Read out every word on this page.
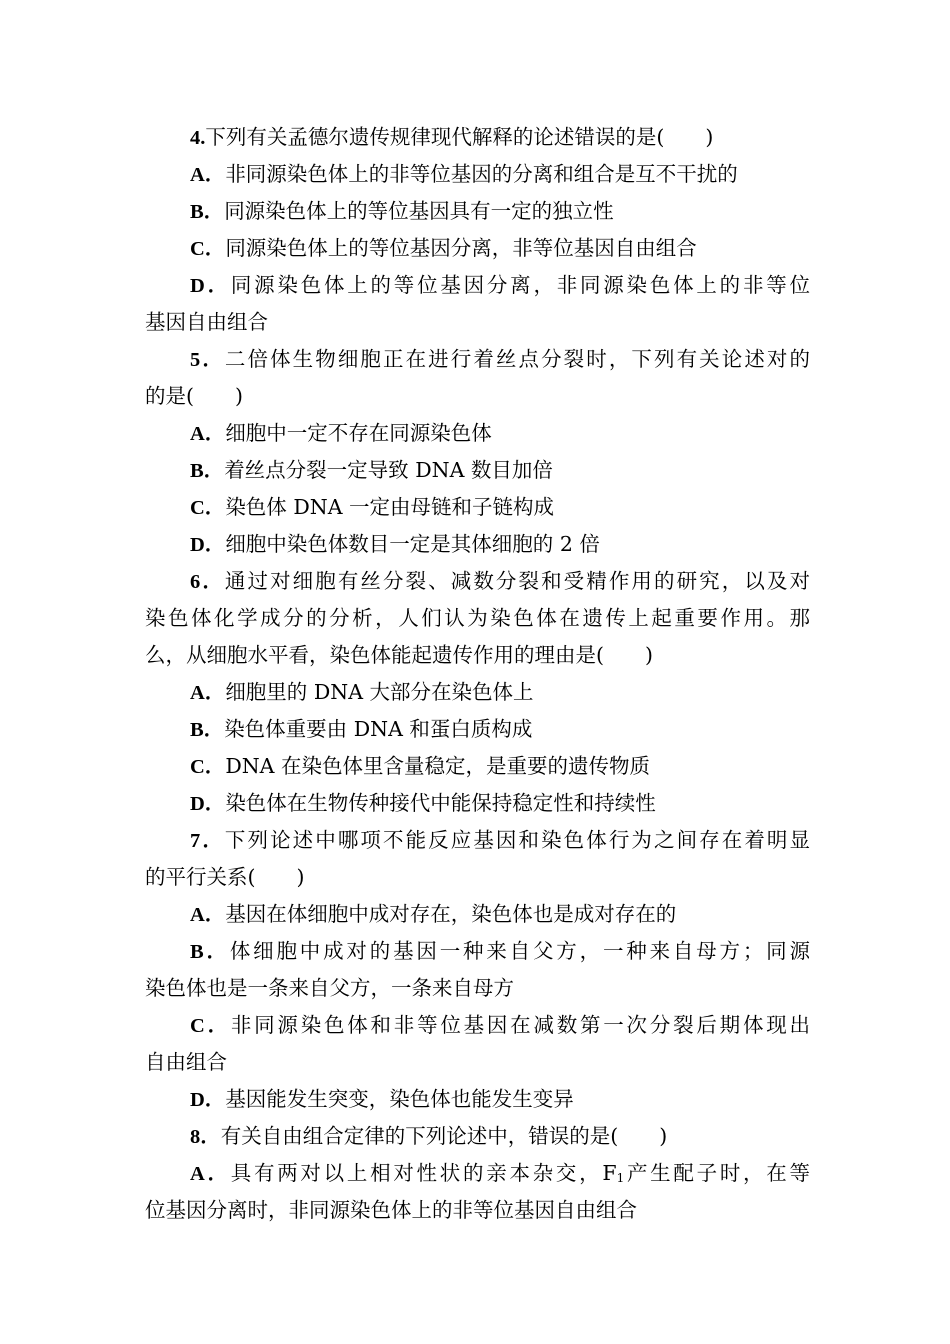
4.下列有关孟德尔遗传规律现代解释的论述错误的是(　　)
A．非同源染色体上的非等位基因的分离和组合是互不干扰的
B．同源染色体上的等位基因具有一定的独立性
C．同源染色体上的等位基因分离，非等位基因自由组合
D．同源染色体上的等位基因分离，非同源染色体上的非等位
基因自由组合
5．二倍体生物细胞正在进行着丝点分裂时，下列有关论述对的
的是(　　)
A．细胞中一定不存在同源染色体
B．着丝点分裂一定导致 DNA 数目加倍
C．染色体 DNA 一定由母链和子链构成
D．细胞中染色体数目一定是其体细胞的 2 倍
6．通过对细胞有丝分裂、减数分裂和受精作用的研究，以及对
染色体化学成分的分析，人们认为染色体在遗传上起重要作用。那
么，从细胞水平看，染色体能起遗传作用的理由是(　　)
A．细胞里的 DNA 大部分在染色体上
B．染色体重要由 DNA 和蛋白质构成
C．DNA 在染色体里含量稳定，是重要的遗传物质
D．染色体在生物传种接代中能保持稳定性和持续性
7．下列论述中哪项不能反应基因和染色体行为之间存在着明显
的平行关系(　　)
A．基因在体细胞中成对存在，染色体也是成对存在的
B．体细胞中成对的基因一种来自父方，一种来自母方；同源
染色体也是一条来自父方，一条来自母方
C．非同源染色体和非等位基因在减数第一次分裂后期体现出
自由组合
D．基因能发生突变，染色体也能发生变异
8．有关自由组合定律的下列论述中，错误的是(　　)
A．具有两对以上相对性状的亲本杂交，$F_1$产生配子时，在等
位基因分离时，非同源染色体上的非等位基因自由组合
